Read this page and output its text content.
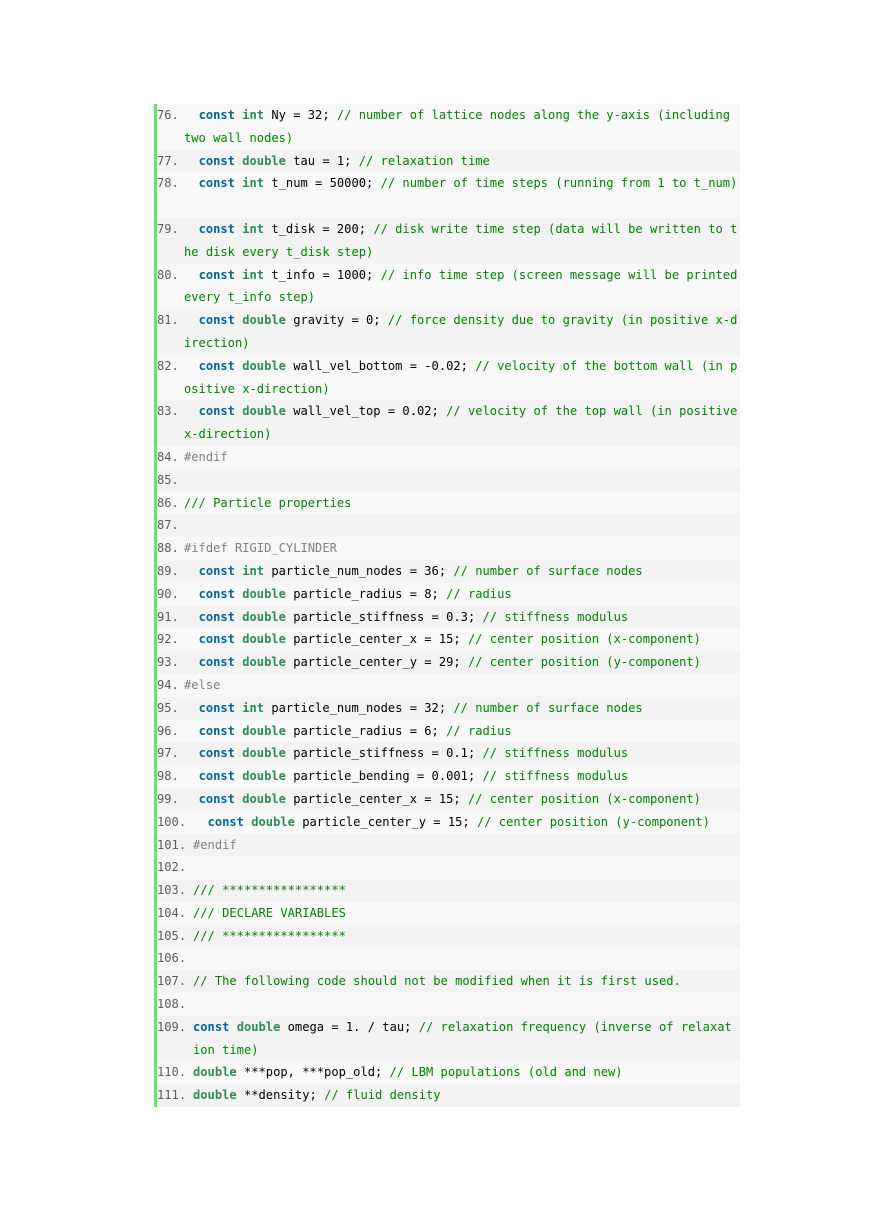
76. const int Ny = 32; // number of lattice nodes along the y-axis (including two wall nodes)
77. const double tau = 1; // relaxation time
78. const int t_num = 50000; // number of time steps (running from 1 to t_num)

79. const int t_disk = 200; // disk write time step (data will be written to the disk every t_disk step)
80. const int t_info = 1000; // info time step (screen message will be printed every t_info step)
81. const double gravity = 0; // force density due to gravity (in positive x-direction)
82. const double wall_vel_bottom = -0.02; // velocity of the bottom wall (in positive x-direction)
83. const double wall_vel_top = 0.02; // velocity of the top wall (in positive x-direction)
84. #endif
85.
86. /// Particle properties
87.
88. #ifdef RIGID_CYLINDER
89. const int particle_num_nodes = 36; // number of surface nodes
90. const double particle_radius = 8; // radius
91. const double particle_stiffness = 0.3; // stiffness modulus
92. const double particle_center_x = 15; // center position (x-component)
93. const double particle_center_y = 29; // center position (y-component)
94. #else
95. const int particle_num_nodes = 32; // number of surface nodes
96. const double particle_radius = 6; // radius
97. const double particle_stiffness = 0.1; // stiffness modulus
98. const double particle_bending = 0.001; // stiffness modulus
99. const double particle_center_x = 15; // center position (x-component)
100. const double particle_center_y = 15; // center position (y-component)
101. #endif
102.
103. /// *****************
104. /// DECLARE VARIABLES
105. /// *****************
106.
107. // The following code should not be modified when it is first used.
108.
109. const double omega = 1. / tau; // relaxation frequency (inverse of relaxation time)
110. double ***pop, ***pop_old; // LBM populations (old and new)
111. double **density; // fluid density
